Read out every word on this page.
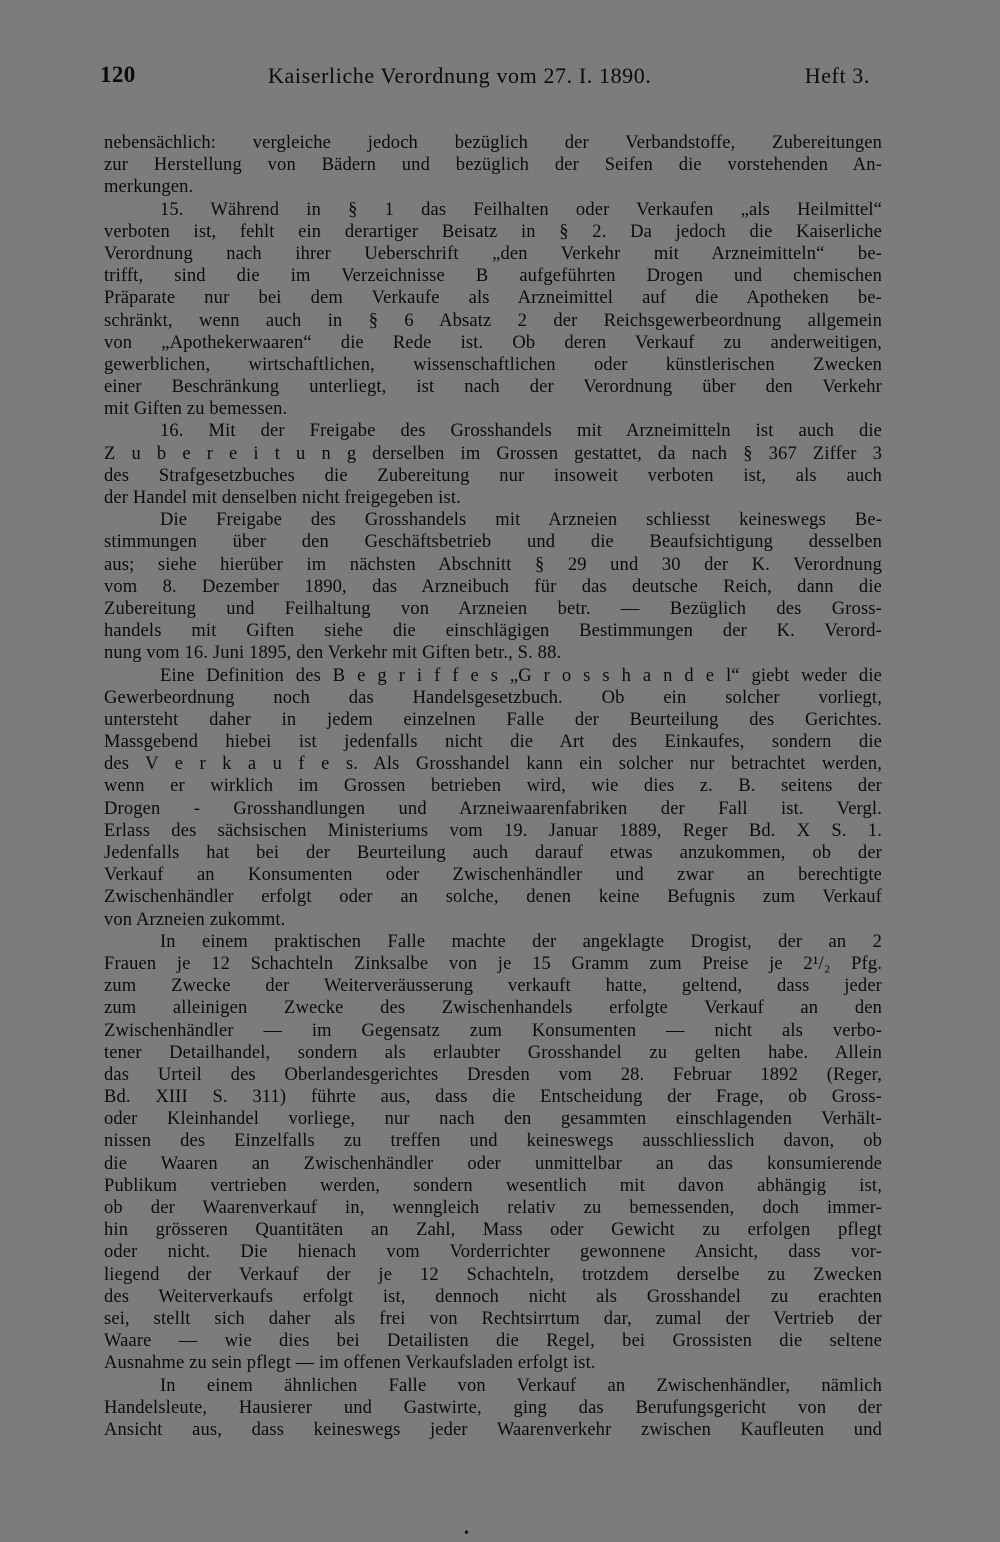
120	Kaiserliche Verordnung vom 27. I. 1890.	Heft 3.
nebensächlich: vergleiche jedoch bezüglich der Verbandstoffe, Zubereitungen
zur Herstellung von Bädern und bezüglich der Seifen die vorstehenden An-
merkungen.
15. Während in § 1 das Feilhalten oder Verkaufen „als Heilmittel“
verboten ist, fehlt ein derartiger Beisatz in § 2. Da jedoch die Kaiserliche
Verordnung nach ihrer Ueberschrift „den Verkehr mit Arzneimitteln“ be-
trifft, sind die im Verzeichnisse B aufgeführten Drogen und chemischen
Präparate nur bei dem Verkaufe als Arzneimittel auf die Apotheken be-
schränkt, wenn auch in § 6 Absatz 2 der Reichsgewerbeordnung allgemein
von „Apothekerwaaren“ die Rede ist. Ob deren Verkauf zu anderweitigen,
gewerblichen, wirtschaftlichen, wissenschaftlichen oder künstlerischen Zwecken
einer Beschränkung unterliegt, ist nach der Verordnung über den Verkehr
mit Giften zu bemessen.
16. Mit der Freigabe des Grosshandels mit Arzneimitteln ist auch die
Z u b e r e i t u n g derselben im Grossen gestattet, da nach § 367 Ziffer 3
des Strafgesetzbuches die Zubereitung nur insoweit verboten ist, als auch
der Handel mit denselben nicht freigegeben ist.
Die Freigabe des Grosshandels mit Arzneien schliesst keineswegs Be-
stimmungen über den Geschäftsbetrieb und die Beaufsichtigung desselben
aus; siehe hierüber im nächsten Abschnitt § 29 und 30 der K. Verordnung
vom 8. Dezember 1890, das Arzneibuch für das deutsche Reich, dann die
Zubereitung und Feilhaltung von Arzneien betr. — Bezüglich des Gross-
handels mit Giften siehe die einschlägigen Bestimmungen der K. Verord-
nung vom 16. Juni 1895, den Verkehr mit Giften betr., S. 88.
Eine Definition des B e g r i f f e s „G r o s s h a n d e l“ giebt weder die
Gewerbeordnung noch das Handelsgesetzbuch. Ob ein solcher vorliegt,
untersteht daher in jedem einzelnen Falle der Beurteilung des Gerichtes.
Massgebend hiebei ist jedenfalls nicht die Art des Einkaufes, sondern die
des V e r k a u f e s. Als Grosshandel kann ein solcher nur betrachtet werden,
wenn er wirklich im Grossen betrieben wird, wie dies z. B. seitens der
Drogen - Grosshandlungen und Arzneiwaarenfabriken der Fall ist. Vergl.
Erlass des sächsischen Ministeriums vom 19. Januar 1889, Reger Bd. X S. 1.
Jedenfalls hat bei der Beurteilung auch darauf etwas anzukommen, ob der
Verkauf an Konsumenten oder Zwischenhändler und zwar an berechtigte
Zwischenhändler erfolgt oder an solche, denen keine Befugnis zum Verkauf
von Arzneien zukommt.
In einem praktischen Falle machte der angeklagte Drogist, der an 2
Frauen je 12 Schachteln Zinksalbe von je 15 Gramm zum Preise je 2¹/₂ Pfg.
zum Zwecke der Weiterveräusserung verkauft hatte, geltend, dass jeder
zum alleinigen Zwecke des Zwischenhandels erfolgte Verkauf an den
Zwischenhändler — im Gegensatz zum Konsumenten — nicht als verbo-
tener Detailhandel, sondern als erlaubter Grosshandel zu gelten habe. Allein
das Urteil des Oberlandesgerichtes Dresden vom 28. Februar 1892 (Reger,
Bd. XIII S. 311) führte aus, dass die Entscheidung der Frage, ob Gross-
oder Kleinhandel vorliege, nur nach den gesammten einschlagenden Verhält-
nissen des Einzelfalls zu treffen und keineswegs ausschliesslich davon, ob
die Waaren an Zwischenhändler oder unmittelbar an das konsumierende
Publikum vertrieben werden, sondern wesentlich mit davon abhängig ist,
ob der Waarenverkauf in, wenngleich relativ zu bemessenden, doch immer-
hin grösseren Quantitäten an Zahl, Mass oder Gewicht zu erfolgen pflegt
oder nicht. Die hienach vom Vorderrichter gewonnene Ansicht, dass vor-
liegend der Verkauf der je 12 Schachteln, trotzdem derselbe zu Zwecken
des Weiterverkaufs erfolgt ist, dennoch nicht als Grosshandel zu erachten
sei, stellt sich daher als frei von Rechtsirrtum dar, zumal der Vertrieb der
Waare — wie dies bei Detailisten die Regel, bei Grossisten die seltene
Ausnahme zu sein pflegt — im offenen Verkaufsladen erfolgt ist.
In einem ähnlichen Falle von Verkauf an Zwischenhändler, nämlich
Handelsleute, Hausierer und Gastwirte, ging das Berufungsgericht von der
Ansicht aus, dass keineswegs jeder Waarenverkehr zwischen Kaufleuten und
•
